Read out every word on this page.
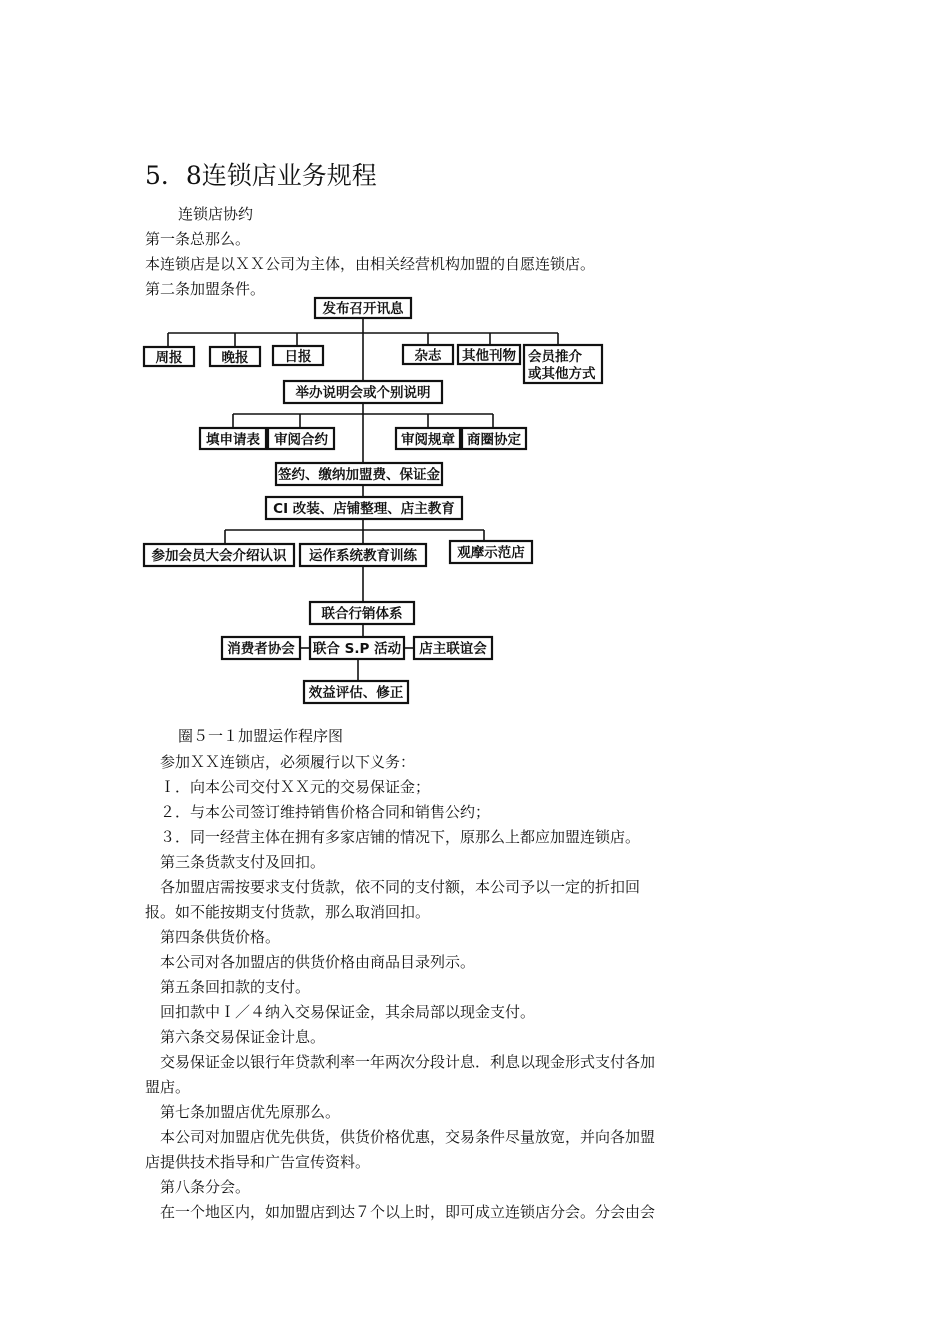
5．8连锁店业务规程
连锁店协约
第一条总那么。
本连锁店是以ＸＸ公司为主体，由相关经营机构加盟的自愿连锁店。
第二条加盟条件。
发布召开讯息
周报	晚报	日报	杂志 其他刊物 会员推介
或其他方式
举办说明会或个别说明
填申请表 审阅合约	审阅规章 商圈协定
签约、缴纳加盟费、保证金
CI 改装、店铺整理、店主教育
参加会员大会介绍认识 运作系统教育训练	观摩示范店
联合行销体系
消费者协会 联合 S.P 活动 店主联谊会
效益评估、修正
圈５一１加盟运作程序图
参加ＸＸ连锁店，必须履行以下义务：
Ｉ．向本公司交付ＸＸ元的交易保证金；
２．与本公司签订维持销售价格合同和销售公约；
３．同一经营主体在拥有多家店铺的情况下，原那么上都应加盟连锁店。
第三条货款支付及回扣。
各加盟店需按要求支付货款，依不同的支付额，本公司予以一定的折扣回
报。如不能按期支付货款，那么取消回扣。
第四条供货价格。
本公司对各加盟店的供货价格由商品目录列示。
第五条回扣款的支付。
回扣款中Ｉ／４纳入交易保证金，其余局部以现金支付。
第六条交易保证金计息。
交易保证金以银行年贷款利率一年两次分段计息．利息以现金形式支付各加
盟店。
第七条加盟店优先原那么。
本公司对加盟店优先供货，供货价格优惠，交易条件尽量放宽，并向各加盟
店提供技术指导和广告宣传资料。
第八条分会。
在一个地区内，如加盟店到达７个以上时，即可成立连锁店分会。分会由会
